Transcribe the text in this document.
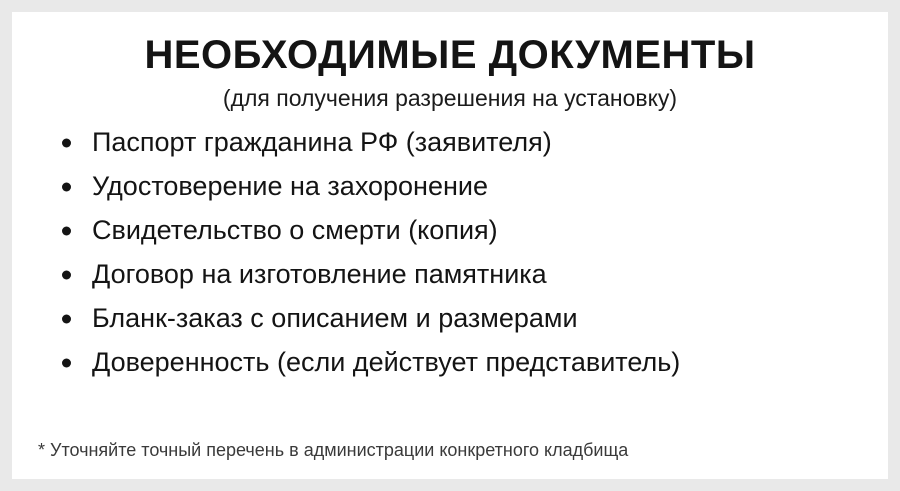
НЕОБХОДИМЫЕ ДОКУМЕНТЫ
(для получения разрешения на установку)
Паспорт гражданина РФ (заявителя)
Удостоверение на захоронение
Свидетельство о смерти (копия)
Договор на изготовление памятника
Бланк-заказ с описанием и размерами
Доверенность (если действует представитель)
* Уточняйте точный перечень в администрации конкретного кладбища
